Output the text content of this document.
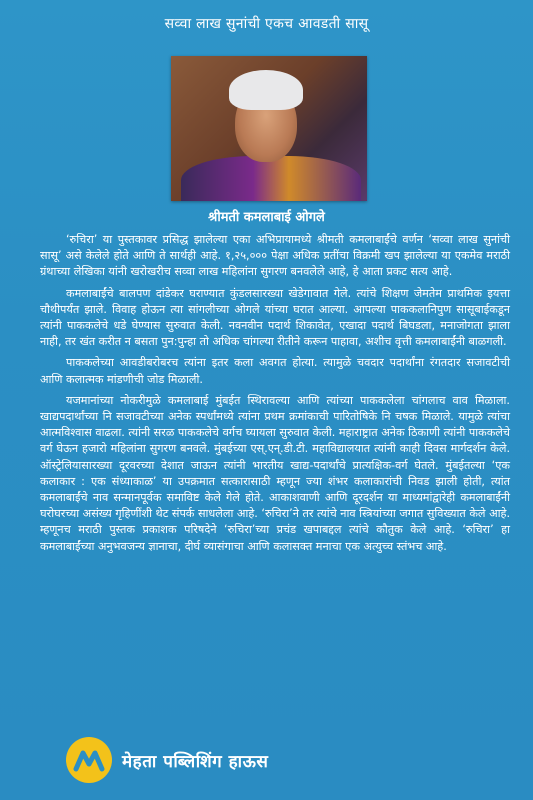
सव्वा लाख सुनांची एकच आवडती सासू
श्रीमती कमलाबाई ओगले

‘रुचिरा’ या पुस्तकावर प्रसिद्ध झालेल्या एका अभिप्रायामध्ये श्रीमती कमलाबाईंचे वर्णन ‘सव्वा लाख सुनांची सासू’ असे केलेले होते आणि ते सार्थही आहे. १,२५,००० पेक्षा अधिक प्रतींचा विक्रमी खप झालेल्या या एकमेव मराठी ग्रंथाच्या लेखिका यांनी खरोखरीच सव्वा लाख महिलांना सुगरण बनवलेले आहे, हे आता प्रकट सत्य आहे.

कमलाबाईंचे बालपण दांडेकर घराण्यात कुंडलसारख्या खेडेगावात गेले. त्यांचे शिक्षण जेमतेम प्राथमिक इयत्ता चौथीपर्यंत झाले. विवाह होऊन त्या सांगलीच्या ओगले यांच्या घरात आल्या. आपल्या पाककलानिपुण सासूबाईकडून त्यांनी पाककलेचे धडे घेण्यास सुरुवात केली. नवनवीन पदार्थ शिकावेत, एखादा पदार्थ बिघडला, मनाजोगता झाला नाही, तर खंत करीत न बसता पुन:पुन्हा तो अधिक चांगल्या रीतीने करून पाहावा, अशीच वृत्ती कमलाबाईंनी बाळगली.

पाककलेच्या आवडीबरोबरच त्यांना इतर कला अवगत होत्या. त्यामुळे चवदार पदार्थांना रंगतदार सजावटीची आणि कलात्मक मांडणीची जोड मिळाली.

यजमानांच्या नोकरीमुळे कमलाबाई मुंबईत स्थिरावल्या आणि त्यांच्या पाककलेला चांगलाच वाव मिळाला. खाद्यपदार्थांच्या नि सजावटीच्या अनेक स्पर्धांमध्ये त्यांना प्रथम क्रमांकाची पारितोषिके नि चषक मिळाले. यामुळे त्यांचा आत्मविश्वास वाढला. त्यांनी सरळ पाककलेचे वर्गच घ्यायला सुरुवात केली. महाराष्ट्रात अनेक ठिकाणी त्यांनी पाककलेचे वर्ग घेऊन हजारो महिलांना सुगरण बनवले. मुंबईच्या एस्.एन्.डी.टी. महाविद्यालयात त्यांनी काही दिवस मार्गदर्शन केले. ऑस्ट्रेलियासारख्या दूरवरच्या देशात जाऊन त्यांनी भारतीय खाद्य-पदार्थांचे प्रात्यक्षिक-वर्ग घेतले. मुंबईतल्या ‘एक कलाकार : एक संध्याकाळ’ या उपक्रमात सत्कारासाठी म्हणून ज्या शंभर कलाकारांची निवड झाली होती, त्यांत कमलाबाईंचे नाव सन्मानपूर्वक समाविष्ट केले गेले होते. आकाशवाणी आणि दूरदर्शन या माध्यमांद्वारेही कमलाबाईंनी घरोघरच्या असंख्य गृहिणींशी थेट संपर्क साधलेला आहे. ‘रुचिरा’ने तर त्यांचे नाव स्त्रियांच्या जगात सुविख्यात केले आहे. म्हणूनच मराठी पुस्तक प्रकाशक परिषदेने ‘रुचिरा’च्या प्रचंड खपाबद्दल त्यांचे कौतुक केले आहे. ‘रुचिरा’ हा कमलाबाईंच्या अनुभवजन्य ज्ञानाचा, दीर्घ व्यासंगाचा आणि कलासक्त मनाचा एक अत्युच्च स्तंभच आहे.

मेहता पब्लिशिंग हाऊस
